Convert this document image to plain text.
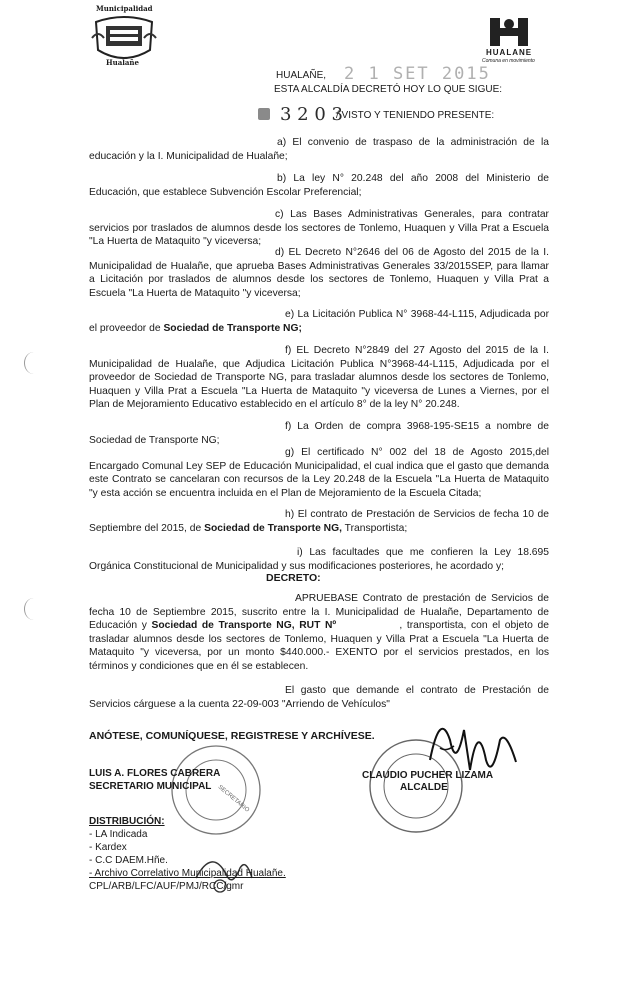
Municipalidad
Hualañe
HUALANE
Comuna en movimiento
HUALAÑE, 2 1 SET 2015
ESTA ALCALDÍA DECRETÓ HOY LO QUE SIGUE:
3 2 0 3
/ VISTO Y TENIENDO PRESENTE:
a) El convenio de traspaso de la administración de la educación y la I. Municipalidad de Hualañe;
b) La ley N° 20.248 del año 2008 del Ministerio de Educación, que establece Subvención Escolar Preferencial;
c) Las Bases Administrativas Generales, para contratar servicios por traslados de alumnos desde los sectores de Tonlemo, Huaquen y Villa Prat a Escuela "La Huerta de Mataquito "y viceversa;
d) EL Decreto N°2646 del 06 de Agosto del 2015 de la I. Municipalidad de Hualañe, que aprueba Bases Administrativas Generales 33/2015SEP, para llamar a Licitación por traslados de alumnos desde los sectores de Tonlemo, Huaquen y Villa Prat a Escuela "La Huerta de Mataquito "y viceversa;
e) La Licitación Publica N° 3968-44-L115, Adjudicada por el proveedor de Sociedad de Transporte NG;
f) EL Decreto N°2849 del 27 Agosto del 2015 de la I. Municipalidad de Hualañe, que Adjudica Licitación Publica N°3968-44-L115, Adjudicada por el proveedor de Sociedad de Transporte NG, para trasladar alumnos desde los sectores de Tonlemo, Huaquen y Villa Prat a Escuela "La Huerta de Mataquito "y viceversa de Lunes a Viernes, por el Plan de Mejoramiento Educativo establecido en el artículo 8° de la ley N° 20.248.
f) La Orden de compra 3968-195-SE15 a nombre de Sociedad de Transporte NG;
g) El certificado N° 002 del 18 de Agosto 2015,del Encargado Comunal Ley SEP de Educación Municipalidad, el cual indica que el gasto que demanda este Contrato se cancelaran con recursos de la Ley 20.248 de la Escuela "La Huerta de Mataquito "y esta acción se encuentra incluida en el Plan de Mejoramiento de la Escuela Citada;
h) El contrato de Prestación de Servicios de fecha 10 de Septiembre del 2015, de Sociedad de Transporte NG, Transportista;
i) Las facultades que me confieren la Ley 18.695 Orgánica Constitucional de Municipalidad y sus modificaciones posteriores, he acordado y;
DECRETO:
APRUEBASE Contrato de prestación de Servicios de fecha 10 de Septiembre 2015, suscrito entre la I. Municipalidad de Hualañe, Departamento de Educación y Sociedad de Transporte NG, RUT Nº	, transportista, con el objeto de trasladar alumnos desde los sectores de Tonlemo, Huaquen y Villa Prat a Escuela "La Huerta de Mataquito "y viceversa, por un monto $440.000.- EXENTO por el servicios prestados, en los términos y condiciones que en él se establecen.
El gasto que demande el contrato de Prestación de Servicios cárguese a la cuenta 22-09-003 "Arriendo de Vehículos"
ANÓTESE, COMUNÍQUESE, REGISTRESE Y ARCHÍVESE.
SECRETARIO
LUIS A. FLORES CABRERA
SECRETARIO MUNICIPAL
CLAUDIO PUCHER LIZAMA
ALCALDE
DISTRIBUCIÓN:
- LA Indicada
- Kardex
- C.C DAEM.Hñe.
- Archivo Correlativo Municipalidad Hualañe.
CPL/ARB/LFC/AUF/PMJ/RCC/gmr
